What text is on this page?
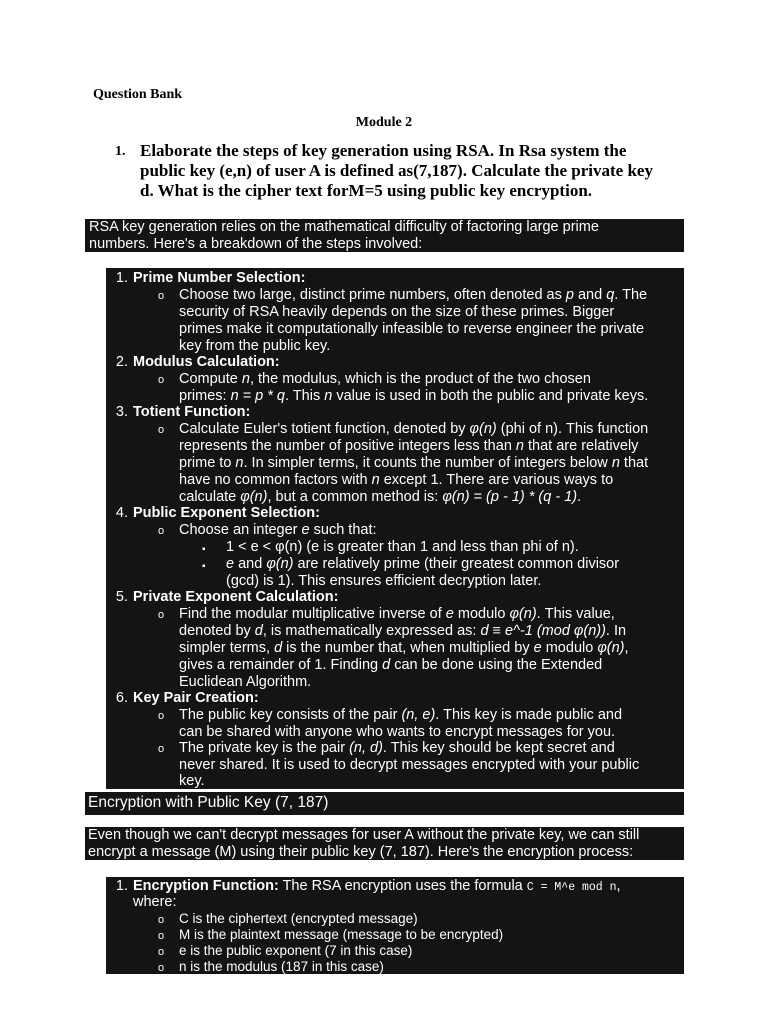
Question Bank
Module 2
1. Elaborate the steps of key generation using RSA. In Rsa system the public key (e,n) of user A is defined as(7,187). Calculate the private key d. What is the cipher text forM=5 using public key encryption.
RSA key generation relies on the mathematical difficulty of factoring large prime
numbers. Here's a breakdown of the steps involved:
1. Prime Number Selection:
o Choose two large, distinct prime numbers, often denoted as p and q. The
security of RSA heavily depends on the size of these primes. Bigger
primes make it computationally infeasible to reverse engineer the private
key from the public key.
2. Modulus Calculation:
o Compute n, the modulus, which is the product of the two chosen
primes: n = p * q. This n value is used in both the public and private keys.
3. Totient Function:
o Calculate Euler's totient function, denoted by φ(n) (phi of n). This function
represents the number of positive integers less than n that are relatively
prime to n. In simpler terms, it counts the number of integers below n that
have no common factors with n except 1. There are various ways to
calculate φ(n), but a common method is: φ(n) = (p - 1) * (q - 1).
4. Public Exponent Selection:
o Choose an integer e such that:
▪ 1 < e < φ(n) (e is greater than 1 and less than phi of n).
▪ e and φ(n) are relatively prime (their greatest common divisor
(gcd) is 1). This ensures efficient decryption later.
5. Private Exponent Calculation:
o Find the modular multiplicative inverse of e modulo φ(n). This value,
denoted by d, is mathematically expressed as: d ≡ e^-1 (mod φ(n)). In
simpler terms, d is the number that, when multiplied by e modulo φ(n),
gives a remainder of 1. Finding d can be done using the Extended
Euclidean Algorithm.
6. Key Pair Creation:
o The public key consists of the pair (n, e). This key is made public and
can be shared with anyone who wants to encrypt messages for you.
o The private key is the pair (n, d). This key should be kept secret and
never shared. It is used to decrypt messages encrypted with your public
key.
Encryption with Public Key (7, 187)
Even though we can't decrypt messages for user A without the private key, we can still
encrypt a message (M) using their public key (7, 187). Here's the encryption process:
1. Encryption Function: The RSA encryption uses the formula C = M^e mod n,
where:
o C is the ciphertext (encrypted message)
o M is the plaintext message (message to be encrypted)
o e is the public exponent (7 in this case)
o n is the modulus (187 in this case)
